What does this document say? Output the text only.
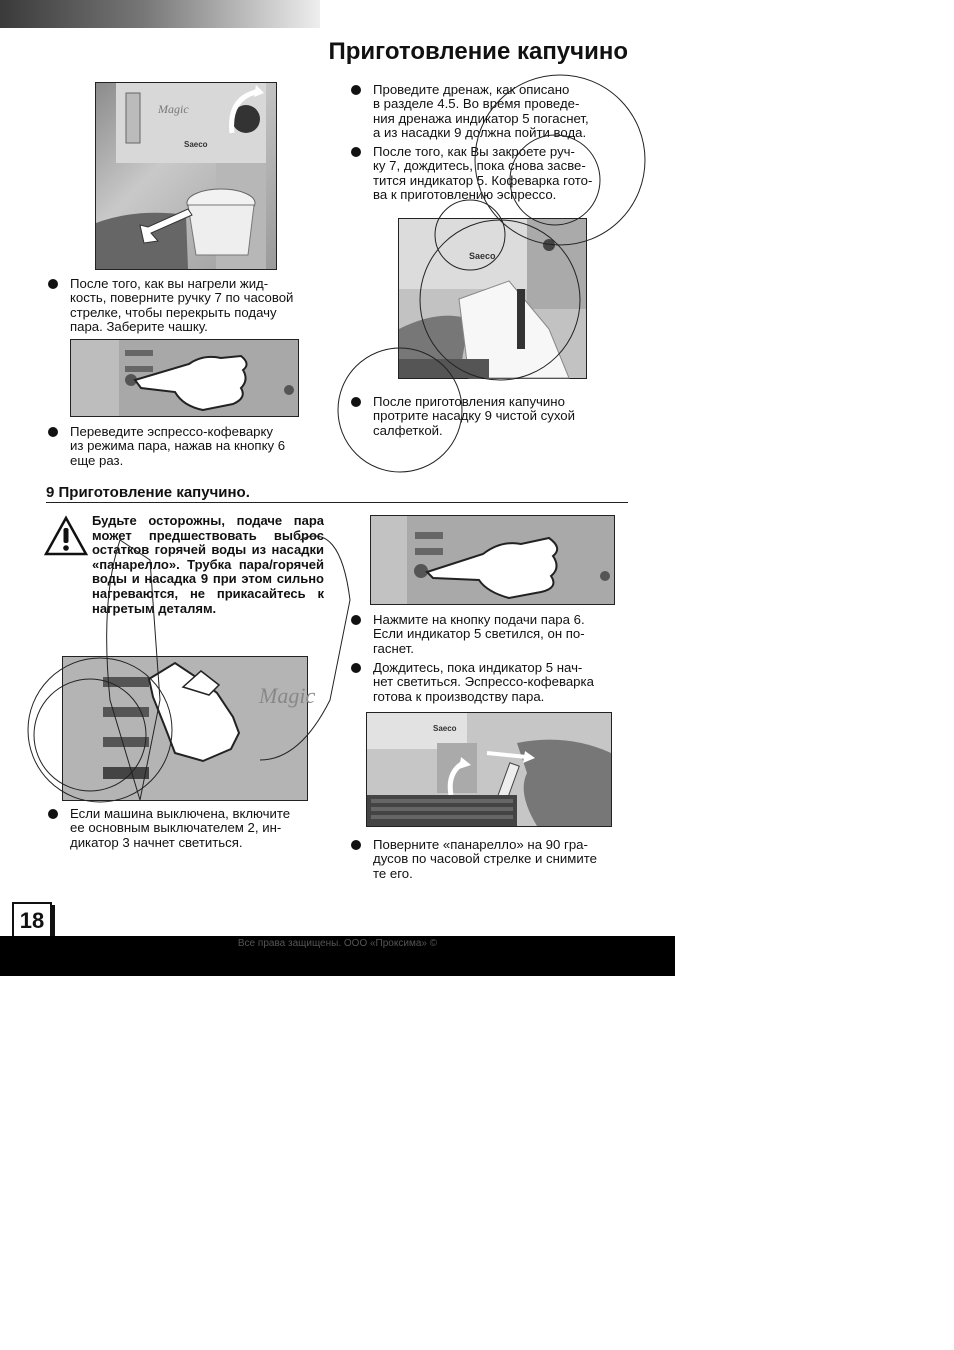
Приготовление капучино
Magic
Saeco
После того, как вы нагрели жид-
кость, поверните ручку 7 по часовой
стрелке, чтобы перекрыть подачу
пара. Заберите чашку.
Переведите эспрессо-кофеварку
из режима пара, нажав на кнопку 6
еще раз.
9 Приготовление капучино.
Будьте осторожны, подаче пара может предшествовать выброс остатков горячей воды из насадки «панарелло». Трубка пара/горячей воды и насадка 9 при этом сильно нагреваются, не прикасайтесь к нагретым деталям.
Magic
Если машина выключена, включите
ее основным выключателем 2, ин-
дикатор 3 начнет светиться.
Проведите дренаж, как описано
в разделе 4.5. Во время проведе-
ния дренажа индикатор 5 погаснет,
а из насадки 9 должна пойти вода.
После того, как Вы закроете руч-
ку 7, дождитесь, пока снова засве-
тится индикатор 5. Кофеварка гото-
ва к приготовлению эспрессо.
Saeco
После приготовления капучино
протрите насадку 9 чистой сухой
салфеткой.
Нажмите на кнопку подачи пара 6.
Если индикатор 5 светился, он по-
гаснет.
Дождитесь, пока индикатор 5 нач-
нет светиться. Эспрессо-кофеварка
готова к производству пара.
Saeco
Поверните «панарелло» на 90 гра-
дусов по часовой стрелке и снимите
те его.
18
Все права защищены. ООО «Проксима» ©
